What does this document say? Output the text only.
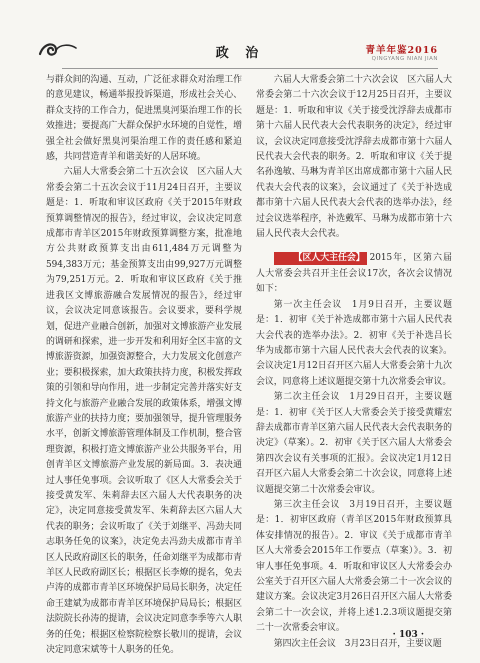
政 治	青羊年鉴2016
QINGYANG NIAN JIAN

与群众间的沟通、互动，广泛征求群众对治理工作的意见建议，畅通举报投诉渠道，形成社会关心、群众支持的工作合力，促进黑臭河渠治理工作的长效推进；要提高广大群众保护水环境的自觉性，增强全社会做好黑臭河渠治理工作的责任感和紧迫感，共同营造青羊和谐美好的人居环境。

六届人大常委会第二十五次会议　区六届人大常委会第二十五次会议于11月24日召开，主要议题是：1．听取和审议区政府《关于2015年财政预算调整情况的报告》，经过审议，会议决定同意成都市青羊区2015年财政预算调整方案，批准地方公共财政预算支出由611,484万元调整为594,383万元；基金预算支出由99,927万元调整为79,251万元。2．听取和审议区政府《关于推进我区文博旅游融合发展情况的报告》，经过审议，会议决定同意该报告。会议要求，要科学规划，促进产业融合创新，加强对文博旅游产业发展的调研和探索，进一步开发和利用好全区丰富的文博旅游资源，加强资源整合，大力发展文化创意产业；要积极探索，加大政策扶持力度，积极发挥政策的引领和导向作用，进一步制定完善并落实好支持文化与旅游产业融合发展的政策体系，增强文博旅游产业的扶持力度；要加强领导，提升管理服务水平，创新文博旅游管理体制及工作机制，整合管理资源，积极打造文博旅游产业公共服务平台，用创青羊区文博旅游产业发展的新局面。3．表决通过人事任免事项。会议听取了《区人大常委会关于接受黄发军、朱莉辞去区六届人大代表职务的决定》，决定同意接受黄发军、朱莉辞去区六届人大代表的职务；会议听取了《关于刘继平、冯劲夫同志职务任免的议案》，决定免去冯劲夫成都市青羊区人民政府副区长的职务，任命刘继平为成都市青羊区人民政府副区长；根据区长李燎的提名，免去卢涛的成都市青羊区环境保护局局长职务，决定任命王建斌为成都市青羊区环境保护局局长；根据区法院院长孙涛的提请，会议决定同意李季等六人职务的任免；根据区检察院检察长敬川的提请，会议决定同意宋斌等十人职务的任免。

六届人大常委会第二十六次会议　区六届人大常委会第二十六次会议于12月25日召开，主要议题是：1．听取和审议《关于接受沈浮辞去成都市第十六届人民代表大会代表职务的决定》，经过审议，会议决定同意接受沈浮辞去成都市第十六届人民代表大会代表的职务。2．听取和审议《关于提名孙逸敏、马琳为青羊区出席成都市第十六届人民代表大会代表的议案》，会议通过了《关于补选成都市第十六届人民代表大会代表的选举办法》，经过会议选举程序，补选戴军、马琳为成都市第十六届人民代表大会代表。

【区人大主任会】 2015年，区第六届人大常委会共召开主任会议17次，各次会议情况如下：

第一次主任会议　1月9日召开，主要议题是：1．初审《关于补选成都市第十六届人民代表大会代表的选举办法》。2．初审《关于补选吕长华为成都市第十六届人民代表大会代表的议案》。会议决定1月12日召开区六届人大常委会第十九次会议，同意将上述议题提交第十九次常委会审议。

第二次主任会议　1月29日召开，主要议题是：1．初审《关于区人大常委会关于接受黄耀宏辞去成都市青羊区第六届人民代表大会代表职务的决定》（草案）。2．初审《关于区六届人大常委会第四次会议有关事项的汇报》。会议决定1月12日召开区六届人大常委会第二十次会议，同意将上述议题提交第二十次常委会审议。

第三次主任会议　3月19日召开，主要议题是：1．初审区政府（青羊区2015年财政预算具体安排情况的报告）。2．审议《关于成都市青羊区人大常委会2015年工作要点（草案）》。3．初审人事任免事项。4．听取和审议区人大常委会办公室关于召开区六届人大常委会第二十一次会议的建议方案。会议决定3月26日召开区六届人大常委会第二十一次会议，并将上述1.2.3项议题提交第二十一次常委会审议。

第四次主任会议　3月23日召开，主要议题

· 103 ·
